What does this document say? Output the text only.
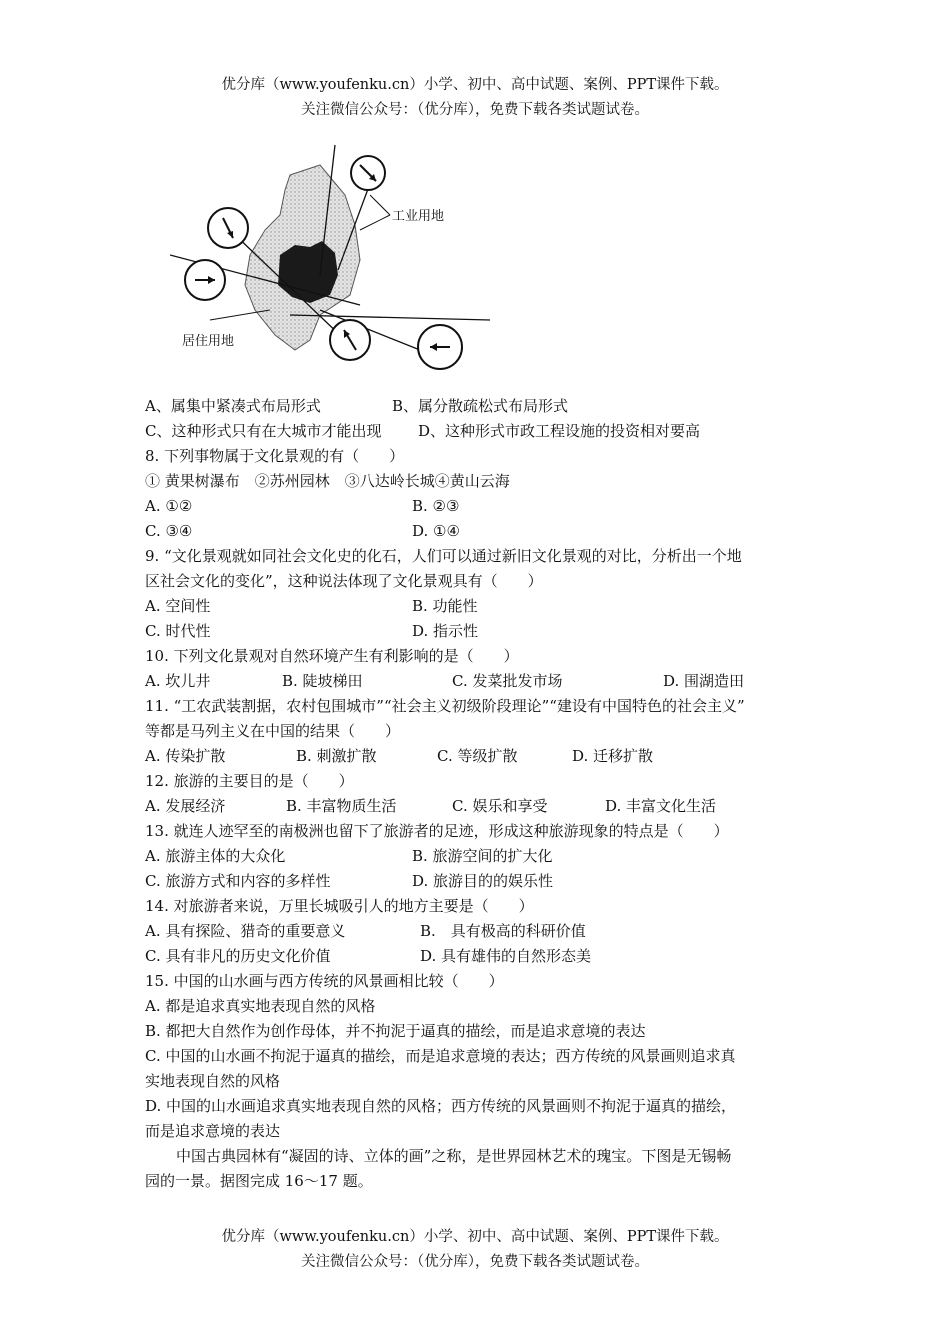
优分库（www.youfenku.cn）小学、初中、高中试题、案例、PPT课件下载。
关注微信公众号：（优分库），免费下载各类试题试卷。
工业用地
居住用地
A、属集中紧凑式布局形式	B、属分散疏松式布局形式
C、这种形式只有在大城市才能出现 D、这种形式市政工程设施的投资相对要高
8. 下列事物属于文化景观的有（　　）
① 黄果树瀑布　②苏州园林　③八达岭长城④黄山云海
A. ①②	B. ②③
C. ③④	D. ①④
9. “文化景观就如同社会文化史的化石，人们可以通过新旧文化景观的对比，分析出一个地
区社会文化的变化”，这种说法体现了文化景观具有（　　）
A. 空间性	B. 功能性
C. 时代性	D. 指示性
10. 下列文化景观对自然环境产生有利影响的是（　　）
A. 坎儿井	B. 陡坡梯田	C. 发菜批发市场	D. 围湖造田
11. “工农武装割据，农村包围城市”“社会主义初级阶段理论”“建设有中国特色的社会主义”
等都是马列主义在中国的结果（　　）
A. 传染扩散	B. 刺激扩散	C. 等级扩散	D. 迁移扩散
12. 旅游的主要目的是（　　）
A. 发展经济	B. 丰富物质生活	C. 娱乐和享受	D. 丰富文化生活
13. 就连人迹罕至的南极洲也留下了旅游者的足迹，形成这种旅游现象的特点是（　　）
A. 旅游主体的大众化	B. 旅游空间的扩大化
C. 旅游方式和内容的多样性	D. 旅游目的的娱乐性
14. 对旅游者来说，万里长城吸引人的地方主要是（　　）
A. 具有探险、猎奇的重要意义	B.　具有极高的科研价值
C. 具有非凡的历史文化价值	D. 具有雄伟的自然形态美
15. 中国的山水画与西方传统的风景画相比较（　　）
A. 都是追求真实地表现自然的风格
B. 都把大自然作为创作母体，并不拘泥于逼真的描绘，而是追求意境的表达
C. 中国的山水画不拘泥于逼真的描绘，而是追求意境的表达；西方传统的风景画则追求真
实地表现自然的风格
D. 中国的山水画追求真实地表现自然的风格；西方传统的风景画则不拘泥于逼真的描绘，
而是追求意境的表达
中国古典园林有“凝固的诗、立体的画”之称，是世界园林艺术的瑰宝。下图是无锡畅
园的一景。据图完成 16～17 题。
优分库（www.youfenku.cn）小学、初中、高中试题、案例、PPT课件下载。
关注微信公众号：（优分库），免费下载各类试题试卷。
